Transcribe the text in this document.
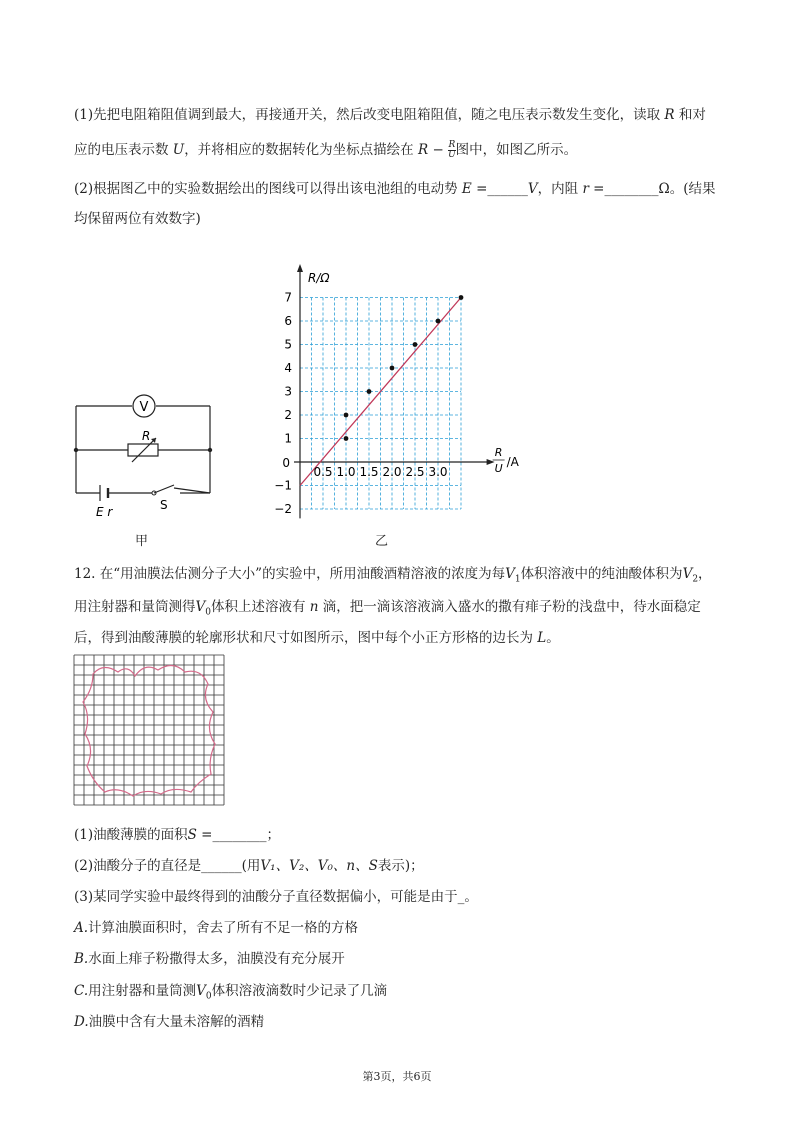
(1)先把电阻箱阻值调到最大，再接通开关，然后改变电阻箱阻值，随之电压表示数发生变化，读取 R 和对
应的电压表示数 U，并将相应的数据转化为坐标点描绘在 $R - \frac{R}{U}$ 图中，如图乙所示。
(2)根据图乙中的实验数据绘出的图线可以得出该电池组的电动势 E =______V，内阻 r =________Ω。(结果
均保留两位有效数字)
V
R
E r	S
甲
7
6
5
4
3
2
1
−1
−2
0.5 1.0 1.5 2.0 2.5 3.0
0
R/Ω
R
U /A
乙
12. 在“用油膜法估测分子大小”的实验中，所用油酸酒精溶液的浓度为每$V_1$体积溶液中的纯油酸体积为$V_2$，
用注射器和量筒测得$V_0$体积上述溶液有 n 滴，把一滴该溶液滴入盛水的撒有痱子粉的浅盘中，待水面稳定
后，得到油酸薄膜的轮廓形状和尺寸如图所示，图中每个小正方形格的边长为 L。
(1)油酸薄膜的面积S =________；
(2)油酸分子的直径是______(用V₁、V₂、V₀、n、S表示)；
(3)某同学实验中最终得到的油酸分子直径数据偏小，可能是由于_。
A.计算油膜面积时，舍去了所有不足一格的方格
B.水面上痱子粉撒得太多，油膜没有充分展开
C.用注射器和量筒测$V_0$体积溶液滴数时少记录了几滴
D.油膜中含有大量未溶解的酒精
第3页，共6页
